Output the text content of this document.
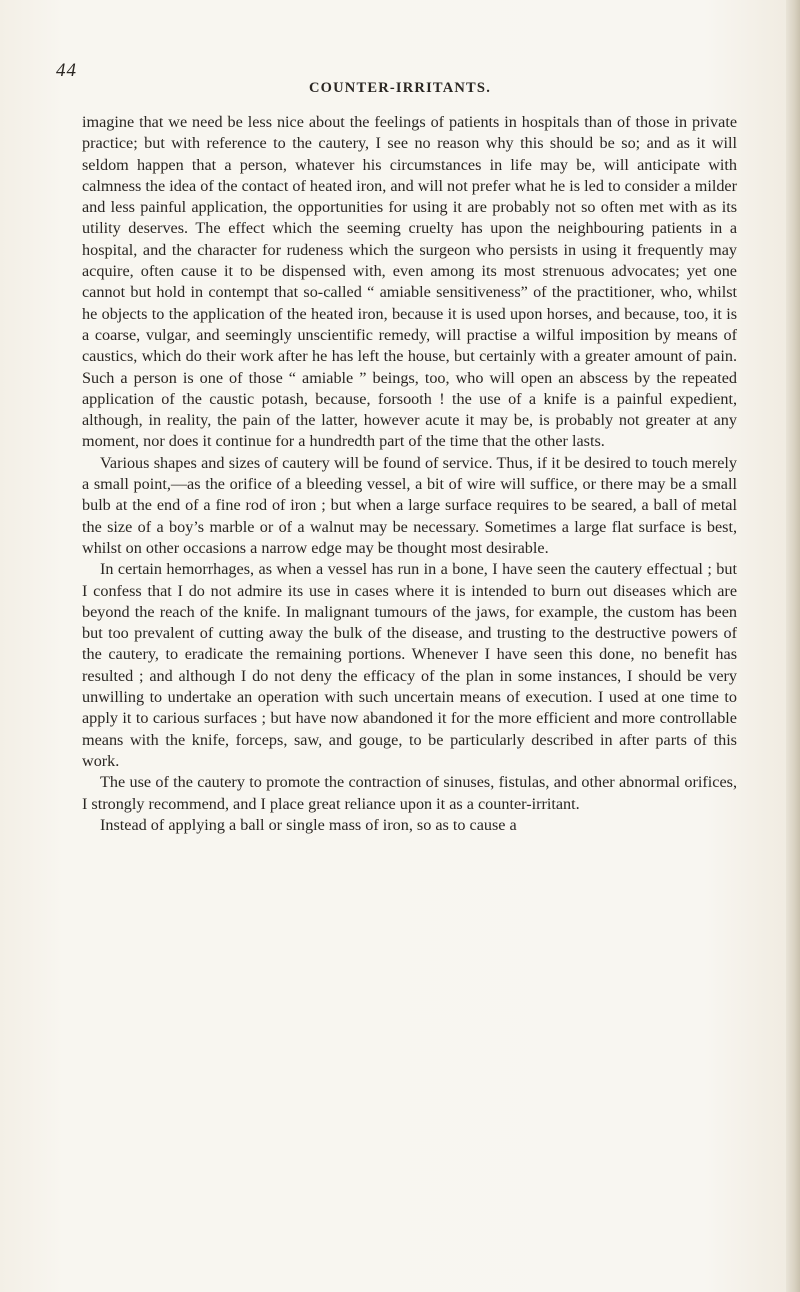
44
COUNTER-IRRITANTS.

imagine that we need be less nice about the feelings of patients in hospitals than of those in private practice; but with reference to the cautery, I see no reason why this should be so; and as it will seldom happen that a person, whatever his circumstances in life may be, will anticipate with calmness the idea of the contact of heated iron, and will not prefer what he is led to consider a milder and less painful application, the opportunities for using it are probably not so often met with as its utility deserves. The effect which the seeming cruelty has upon the neighbouring patients in a hospital, and the character for rudeness which the surgeon who persists in using it frequently may acquire, often cause it to be dispensed with, even among its most strenuous advocates; yet one cannot but hold in contempt that so-called “ amiable sensitiveness” of the practitioner, who, whilst he objects to the application of the heated iron, because it is used upon horses, and because, too, it is a coarse, vulgar, and seemingly unscientific remedy, will practise a wilful imposition by means of caustics, which do their work after he has left the house, but certainly with a greater amount of pain. Such a person is one of those “ amiable ” beings, too, who will open an abscess by the repeated application of the caustic potash, because, forsooth ! the use of a knife is a painful expedient, although, in reality, the pain of the latter, however acute it may be, is probably not greater at any moment, nor does it continue for a hundredth part of the time that the other lasts.

Various shapes and sizes of cautery will be found of service. Thus, if it be desired to touch merely a small point,—as the orifice of a bleeding vessel, a bit of wire will suffice, or there may be a small bulb at the end of a fine rod of iron ; but when a large surface requires to be seared, a ball of metal the size of a boy’s marble or of a walnut may be necessary. Sometimes a large flat surface is best, whilst on other occasions a narrow edge may be thought most desirable.

In certain hemorrhages, as when a vessel has run in a bone, I have seen the cautery effectual ; but I confess that I do not admire its use in cases where it is intended to burn out diseases which are beyond the reach of the knife. In malignant tumours of the jaws, for example, the custom has been but too prevalent of cutting away the bulk of the disease, and trusting to the destructive powers of the cautery, to eradicate the remaining portions. Whenever I have seen this done, no benefit has resulted ; and although I do not deny the efficacy of the plan in some instances, I should be very unwilling to undertake an operation with such uncertain means of execution. I used at one time to apply it to carious surfaces ; but have now abandoned it for the more efficient and more controllable means with the knife, forceps, saw, and gouge, to be particularly described in after parts of this work.

The use of the cautery to promote the contraction of sinuses, fistulas, and other abnormal orifices, I strongly recommend, and I place great reliance upon it as a counter-irritant.

Instead of applying a ball or single mass of iron, so as to cause a
